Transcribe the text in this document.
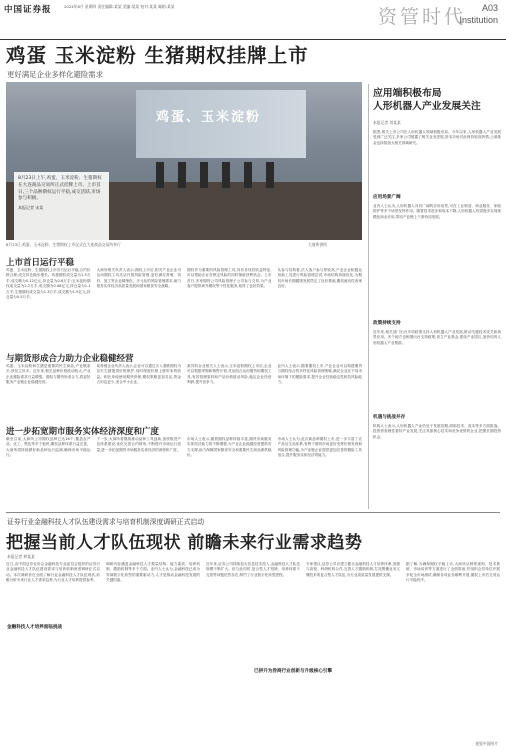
中国证券报	2024年8月 星期四 责任编辑:某某 美编:某某 校对:某某 邮箱:某某	资管时代 A03
Institution
鸡蛋 玉米淀粉 生猪期权挂牌上市
更好满足企业多样化避险需求
鸡蛋、玉米淀粉
8月23日上午,鸡蛋、玉米淀粉、生猪期权在大连商品交易所正式挂牌上市。上市首日,三个品种期权运行平稳,成交活跃,市场参与积极。
本报记者 宋某
8月23日,鸡蛋、玉米淀粉、生猪期权上市仪式在大连商品交易所举行	大商所供图
上市首日运行平稳
鸡蛋、玉米淀粉、生猪期权上市首日运行平稳,合约价格合理,成交持仓稳步增长。鸡蛋期权成交量为1.5万手,成交额为0.12亿元,持仓量为0.6万手;玉米淀粉期权成交量为2.2万手,成交额为0.08亿元,持仓量为1.1万手;生猪期权成交量为1.3万手,成交额为1.9亿元,持仓量为0.5万手。
大商所相关负责人表示,期权上市后,相关产业企业可运用期权工具灵活开展风险管理,更好满足养殖、饲料、加工等企业精细化、多元化的风险管理需求,助力服务实体经济高质量发展和国家粮食安全战略。
期权作为重要的风险管理工具,具有非线性收益特征,可以帮助企业在锁定风险的同时保留获利机会。上市首日,多家期货公司风险管理子公司参与交易,为产业客户提供场外期权等个性化服务,取得了良好效果。
从参与结构看,法人客户参与度较高,产业企业积极运用新工具进行风险管理尝试,市场结构持续优化,为期权市场长期健康发展奠定了良好基础,期权流动性表现良好。
与期货形成合力助力企业稳健经营
鸡蛋、玉米淀粉和生猪是重要的民生商品,产业链条长,涉及主体多。近年来,相关品种价格波动较大,产业企业避险需求日益增强。期权与期货形成合力,将更好服务产业链企业稳健经营。
某养殖企业负责人表示,企业可以通过买入看跌期权为存栏生猪提供价格保护,同时保留价格上涨带来的收益。相比单纯使用期货套保,期权策略更加灵活,资金占用也更少,适合中小企业。
某饲料企业相关人士表示,玉米淀粉期权上市后,企业可以根据采购和销售计划,灵活组合运用期货和期权工具,有效管理原料和产品价格波动风险,稳定企业经营利润,提升竞争力。
业内人士表示,随着期权上市,产业企业可以构建期货与期权结合的多样化风险管理策略,满足企业在不同市场环境下的避险需求,提升企业经营稳定性和抗风险能力。
进一步拓宽期市服务实体经济深度和广度
截至目前,大商所上市期权品种已达16个,覆盖农产品、化工、黑色等多个板块,期权品种体系日益完善。大商所将持续做好新品种运行监测,确保市场平稳运行。
下一步,大商所将继续推动品种工具创新,加快推进产品体系建设,优化完善合约规则,不断提升市场运行质量,进一步拓宽期货市场服务实体经济的深度和广度。
市场人士表示,随着期权品种持续丰富,期货市场服务实体经济能力将不断增强,为产业企业稳健经营提供有力支撑,助力保障国家粮食安全和重要民生商品保供稳价。
市场人士认为,此次新品种期权上市,进一步丰富了农产品衍生品体系,有利于期货市场更好发挥价格发现和风险管理功能,为产业链企业提供更加完善的避险工具组合,提升服务实体经济的能力。
应用端积极布局
人形机器人产业发展关注
本报记者 刘某某
据悉,相关上市公司在人形机器人领域积极布局。今年以来,人形机器人产业发展受到广泛关注,多家公司披露了相关业务进展,资本市场对此保持较高热情,公募基金也持续加大相关领域研究。
应用场景广阔
业内人士认为,人形机器人具有广阔的应用前景,可在工业制造、商业服务、家庭陪护等多个场景发挥作用。随着技术进步和成本下降,人形机器人有望逐步实现规模化商业应用,带动产业链上下游协同发展。
政策持续支持
近年来,相关部门出台多项政策支持人形机器人产业发展,推动关键技术攻关和场景应用。多个地方也相继出台支持政策,设立产业基金,建设产业园区,加快培育人形机器人产业集群。
机遇与挑战并存
机构人士表示,人形机器人产业仍处于发展初期,面临技术、成本等多方面挑战。投资者需理性看待产业发展,关注具备核心技术和竞争优势的企业,把握长期投资机会。
证券行业金融科技人才队伍建设需求与培育机制深度调研正式启动
把握当前人才队伍现状 前瞻未来行业需求趋势
本报记者 林某某
金融科技人才培养面临挑战
已拼升为券商行业创新与升级核心引擎
近日,由中国证券业协会金融科技专业委员会组织的证券行业金融科技人才队伍建设需求与培育机制深度调研正式启动。本次调研旨在全面了解行业金融科技人才队伍现状,前瞻分析未来行业人才需求趋势,为行业人才培养提供参考。
调研内容涵盖金融科技人才数量结构、能力素质、培养机制、激励机制等多个方面。业内人士认为,金融科技已成为券商数字化转型的重要驱动力,人才是推动金融科技发展的关键因素。
近年来,证券公司持续加大信息技术投入,金融科技人才队伍规模不断扩大。但与此同时,复合型人才短缺、培养体系不完善等问题依然存在,制约了行业数字化转型进程。
专家建议,证券公司应建立健全金融科技人才培养体系,加强与高校、科研机构合作,完善人才激励机制,打造既懂业务又懂技术的复合型人才队伍,为行业高质量发展提供支撑。
据了解,为确保期权平稳上市,大商所从制度规则、技术系统、市场培育等方面进行了全面准备,并组织会员单位开展多轮全市场测试,确保各项业务顺利开展,期权上市后交易运行平稳有序。
视觉中国图片
